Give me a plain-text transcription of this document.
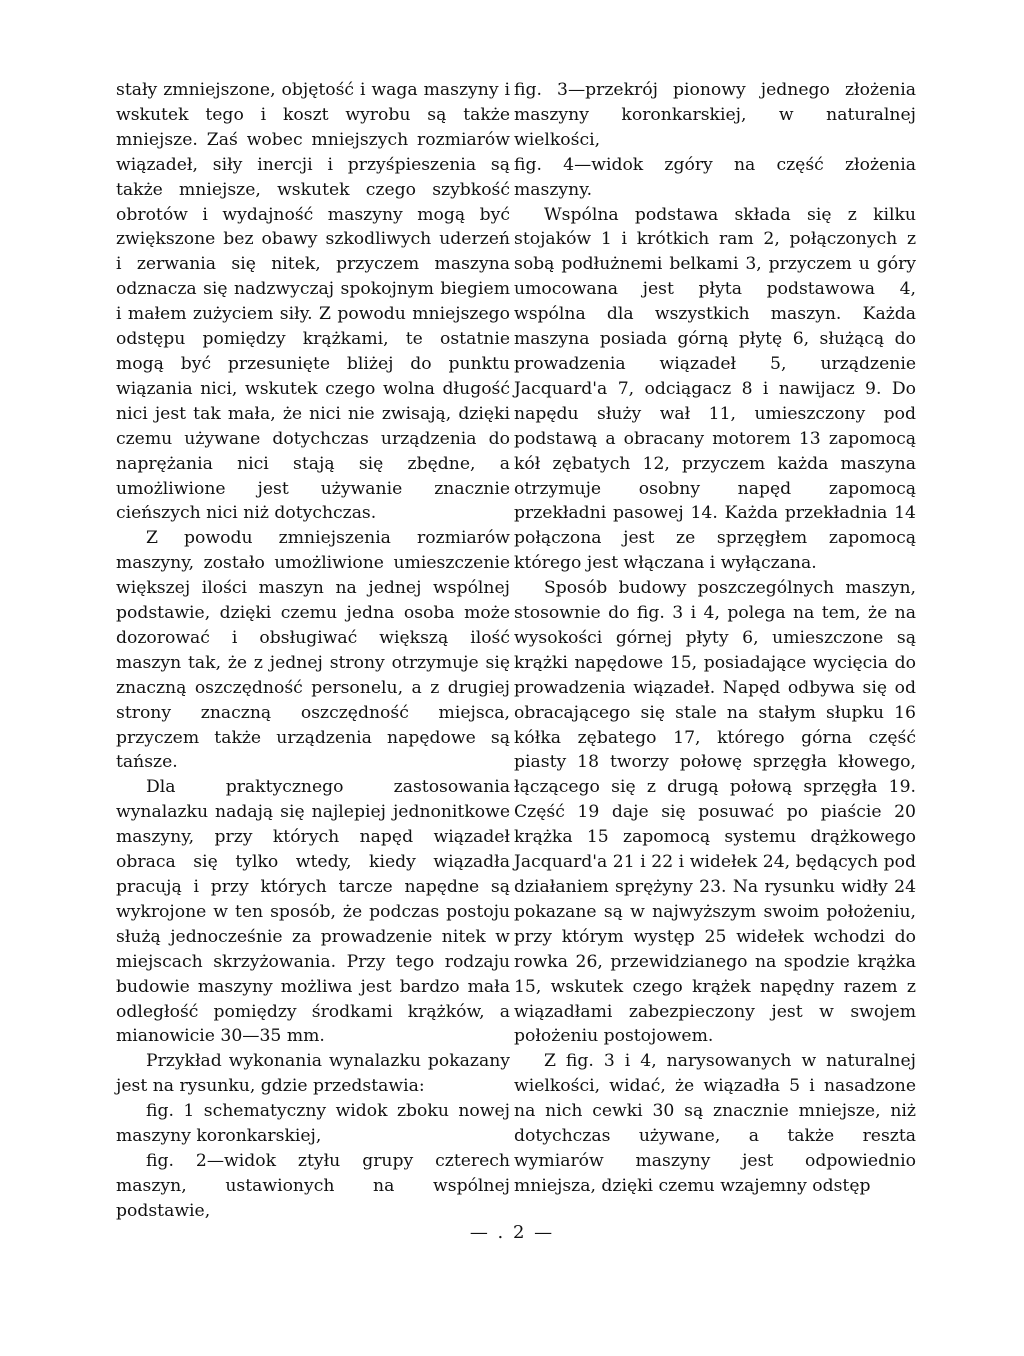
stały zmniejszone, objętość i waga maszyny i wskutek tego i koszt wyrobu są także mniejsze. Zaś wobec mniejszych rozmiarów wiązadeł, siły inercji i przyśpieszenia są także mniejsze, wskutek czego szybkość obrotów i wydajność maszyny mogą być zwiększone bez obawy szkodliwych uderzeń i zerwania się nitek, przyczem maszyna odznacza się nadzwyczaj spokojnym biegiem i małem zużyciem siły. Z powodu mniejszego odstępu pomiędzy krążkami, te ostatnie mogą być przesunięte bliżej do punktu wiązania nici, wskutek czego wolna długość nici jest tak mała, że nici nie zwisają, dzięki czemu używane dotychczas urządzenia do naprężania nici stają się zbędne, a umożliwione jest używanie znacznie cieńszych nici niż dotychczas.

Z powodu zmniejszenia rozmiarów maszyny, zostało umożliwione umieszczenie większej ilości maszyn na jednej wspólnej podstawie, dzięki czemu jedna osoba może dozorować i obsługiwać większą ilość maszyn tak, że z jednej strony otrzymuje się znaczną oszczędność personelu, a z drugiej strony znaczną oszczędność miejsca, przyczem także urządzenia napędowe są tańsze.

Dla praktycznego zastosowania wynalazku nadają się najlepiej jednonitkowe maszyny, przy których napęd wiązadeł obraca się tylko wtedy, kiedy wiązadła pracują i przy których tarcze napędne są wykrojone w ten sposób, że podczas postoju służą jednocześnie za prowadzenie nitek w miejscach skrzyżowania. Przy tego rodzaju budowie maszyny możliwa jest bardzo mała odległość pomiędzy środkami krążków, a mianowicie 30—35 mm.

Przykład wykonania wynalazku pokazany jest na rysunku, gdzie przedstawia:

fig. 1 schematyczny widok zboku nowej maszyny koronkarskiej,

fig. 2—widok ztyłu grupy czterech maszyn, ustawionych na wspólnej podstawie,

fig. 3—przekrój pionowy jednego złożenia maszyny koronkarskiej, w naturalnej wielkości,

fig. 4—widok zgóry na część złożenia maszyny.

Wspólna podstawa składa się z kilku stojaków 1 i krótkich ram 2, połączonych z sobą podłużnemi belkami 3, przyczem u góry umocowana jest płyta podstawowa 4, wspólna dla wszystkich maszyn. Każda maszyna posiada górną płytę 6, służącą do prowadzenia wiązadeł 5, urządzenie Jacquard'a 7, odciągacz 8 i nawijacz 9. Do napędu służy wał 11, umieszczony pod podstawą a obracany motorem 13 zapomocą kół zębatych 12, przyczem każda maszyna otrzymuje osobny napęd zapomocą przekładni pasowej 14. Każda przekładnia 14 połączona jest ze sprzęgłem zapomocą którego jest włączana i wyłączana.

Sposób budowy poszczególnych maszyn, stosownie do fig. 3 i 4, polega na tem, że na wysokości górnej płyty 6, umieszczone są krążki napędowe 15, posiadające wycięcia do prowadzenia wiązadeł. Napęd odbywa się od obracającego się stale na stałym słupku 16 kółka zębatego 17, którego górna część piasty 18 tworzy połowę sprzęgła kłowego, łączącego się z drugą połową sprzęgła 19. Część 19 daje się posuwać po piaście 20 krążka 15 zapomocą systemu drążkowego Jacquard'a 21 i 22 i widełek 24, będących pod działaniem sprężyny 23. Na rysunku widły 24 pokazane są w najwyższym swoim położeniu, przy którym występ 25 widełek wchodzi do rowka 26, przewidzianego na spodzie krążka 15, wskutek czego krążek napędny razem z wiązadłami zabezpieczony jest w swojem położeniu postojowem.

Z fig. 3 i 4, narysowanych w naturalnej wielkości, widać, że wiązadła 5 i nasadzone na nich cewki 30 są znacznie mniejsze, niż dotychczas używane, a także reszta wymiarów maszyny jest odpowiednio mniejsza, dzięki czemu wzajemny odstęp

— . 2 —
